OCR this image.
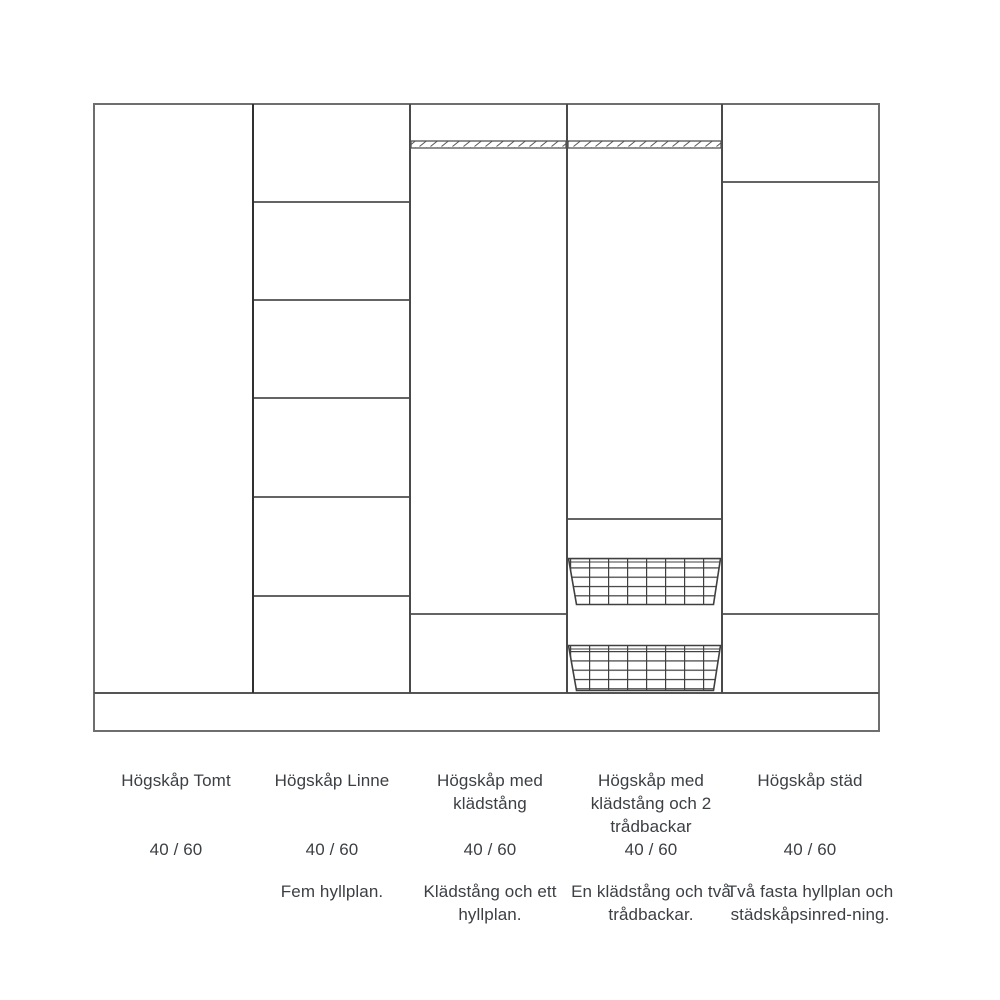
Högskåp Tomt
40 / 60
Högskåp Linne
40 / 60
Fem hyllplan.
Högskåp med klädstång
40 / 60
Klädstång och ett hyllplan.
Högskåp med klädstång och 2 trådbackar
40 / 60
En klädstång och två trådbackar.
Högskåp städ
40 / 60
Två fasta hyllplan och städskåpsinred-ning.
